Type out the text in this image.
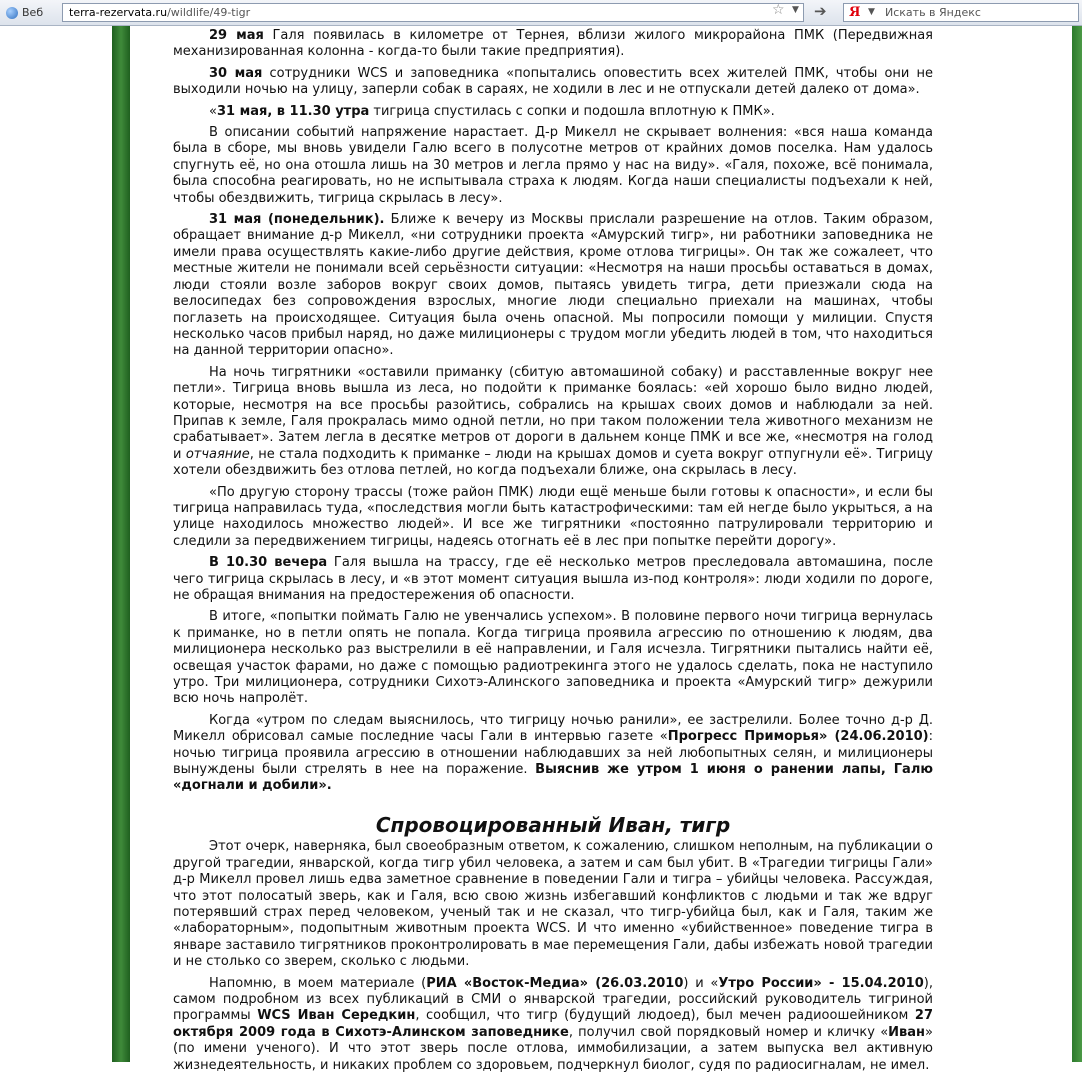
Веб	terra-rezervata.ru/wildlife/49-tigr	☆ ▼ ➔ Я ▼ Искать в Яндекс

29 мая Галя появилась в километре от Тернея, вблизи жилого микрорайона ПМК (Передвижная механизированная колонна - когда-то были такие предприятия).

30 мая сотрудники WCS и заповедника «попытались оповестить всех жителей ПМК, чтобы они не выходили ночью на улицу, заперли собак в сараях, не ходили в лес и не отпускали детей далеко от дома».

«31 мая, в 11.30 утра тигрица спустилась с сопки и подошла вплотную к ПМК».

В описании событий напряжение нарастает. Д-р Микелл не скрывает волнения: «вся наша команда была в сборе, мы вновь увидели Галю всего в полусотне метров от крайних домов поселка. Нам удалось спугнуть её, но она отошла лишь на 30 метров и легла прямо у нас на виду». «Галя, похоже, всё понимала, была способна реагировать, но не испытывала страха к людям. Когда наши специалисты подъехали к ней, чтобы обездвижить, тигрица скрылась в лесу».

31 мая (понедельник). Ближе к вечеру из Москвы прислали разрешение на отлов. Таким образом, обращает внимание д-р Микелл, «ни сотрудники проекта «Амурский тигр», ни работники заповедника не имели права осуществлять какие-либо другие действия, кроме отлова тигрицы». Он так же сожалеет, что местные жители не понимали всей серьёзности ситуации: «Несмотря на наши просьбы оставаться в домах, люди стояли возле заборов вокруг своих домов, пытаясь увидеть тигра, дети приезжали сюда на велосипедах без сопровождения взрослых, многие люди специально приехали на машинах, чтобы поглазеть на происходящее. Ситуация была очень опасной. Мы попросили помощи у милиции. Спустя несколько часов прибыл наряд, но даже милиционеры с трудом могли убедить людей в том, что находиться на данной территории опасно».

На ночь тигрятники «оставили приманку (сбитую автомашиной собаку) и расставленные вокруг нее петли». Тигрица вновь вышла из леса, но подойти к приманке боялась: «ей хорошо было видно людей, которые, несмотря на все просьбы разойтись, собрались на крышах своих домов и наблюдали за ней. Припав к земле, Галя прокралась мимо одной петли, но при таком положении тела животного механизм не срабатывает». Затем легла в десятке метров от дороги в дальнем конце ПМК и все же, «несмотря на голод и отчаяние, не стала подходить к приманке – люди на крышах домов и суета вокруг отпугнули её». Тигрицу хотели обездвижить без отлова петлей, но когда подъехали ближе, она скрылась в лесу.

«По другую сторону трассы (тоже район ПМК) люди ещё меньше были готовы к опасности», и если бы тигрица направилась туда, «последствия могли быть катастрофическими: там ей негде было укрыться, а на улице находилось множество людей». И все же тигрятники «постоянно патрулировали территорию и следили за передвижением тигрицы, надеясь отогнать её в лес при попытке перейти дорогу».

В 10.30 вечера Галя вышла на трассу, где её несколько метров преследовала автомашина, после чего тигрица скрылась в лесу, и «в этот момент ситуация вышла из-под контроля»: люди ходили по дороге, не обращая внимания на предостережения об опасности.

В итоге, «попытки поймать Галю не увенчались успехом». В половине первого ночи тигрица вернулась к приманке, но в петли опять не попала. Когда тигрица проявила агрессию по отношению к людям, два милиционера несколько раз выстрелили в её направлении, и Галя исчезла. Тигрятники пытались найти её, освещая участок фарами, но даже с помощью радиотрекинга этого не удалось сделать, пока не наступило утро. Три милиционера, сотрудники Сихотэ-Алинского заповедника и проекта «Амурский тигр» дежурили всю ночь напролёт.

Когда «утром по следам выяснилось, что тигрицу ночью ранили», ее застрелили. Более точно д-р Д. Микелл обрисовал самые последние часы Гали в интервью газете «Прогресс Приморья» (24.06.2010): ночью тигрица проявила агрессию в отношении наблюдавших за ней любопытных селян, и милиционеры вынуждены были стрелять в нее на поражение. Выяснив же утром 1 июня о ранении лапы, Галю «догнали и добили».

Спровоцированный Иван, тигр

Этот очерк, наверняка, был своеобразным ответом, к сожалению, слишком неполным, на публикации о другой трагедии, январской, когда тигр убил человека, а затем и сам был убит. В «Трагедии тигрицы Гали» д-р Микелл провел лишь едва заметное сравнение в поведении Гали и тигра – убийцы человека. Рассуждая, что этот полосатый зверь, как и Галя, всю свою жизнь избегавший конфликтов с людьми и так же вдруг потерявший страх перед человеком, ученый так и не сказал, что тигр-убийца был, как и Галя, таким же «лабораторным», подопытным животным проекта WCS. И что именно «убийственное» поведение тигра в январе заставило тигрятников проконтролировать в мае перемещения Гали, дабы избежать новой трагедии и не столько со зверем, сколько с людьми.

Напомню, в моем материале (РИА «Восток-Медиа» (26.03.2010) и «Утро России» - 15.04.2010), самом подробном из всех публикаций в СМИ о январской трагедии, российский руководитель тигриной программы WCS Иван Середкин, сообщил, что тигр (будущий людоед), был мечен радиоошейником 27 октября 2009 года в Сихотэ-Алинском заповеднике, получил свой порядковый номер и кличку «Иван» (по имени ученого). И что этот зверь после отлова, иммобилизации, а затем выпуска вел активную жизнедеятельность, и никаких проблем со здоровьем, подчеркнул биолог, судя по радиосигналам, не имел.
